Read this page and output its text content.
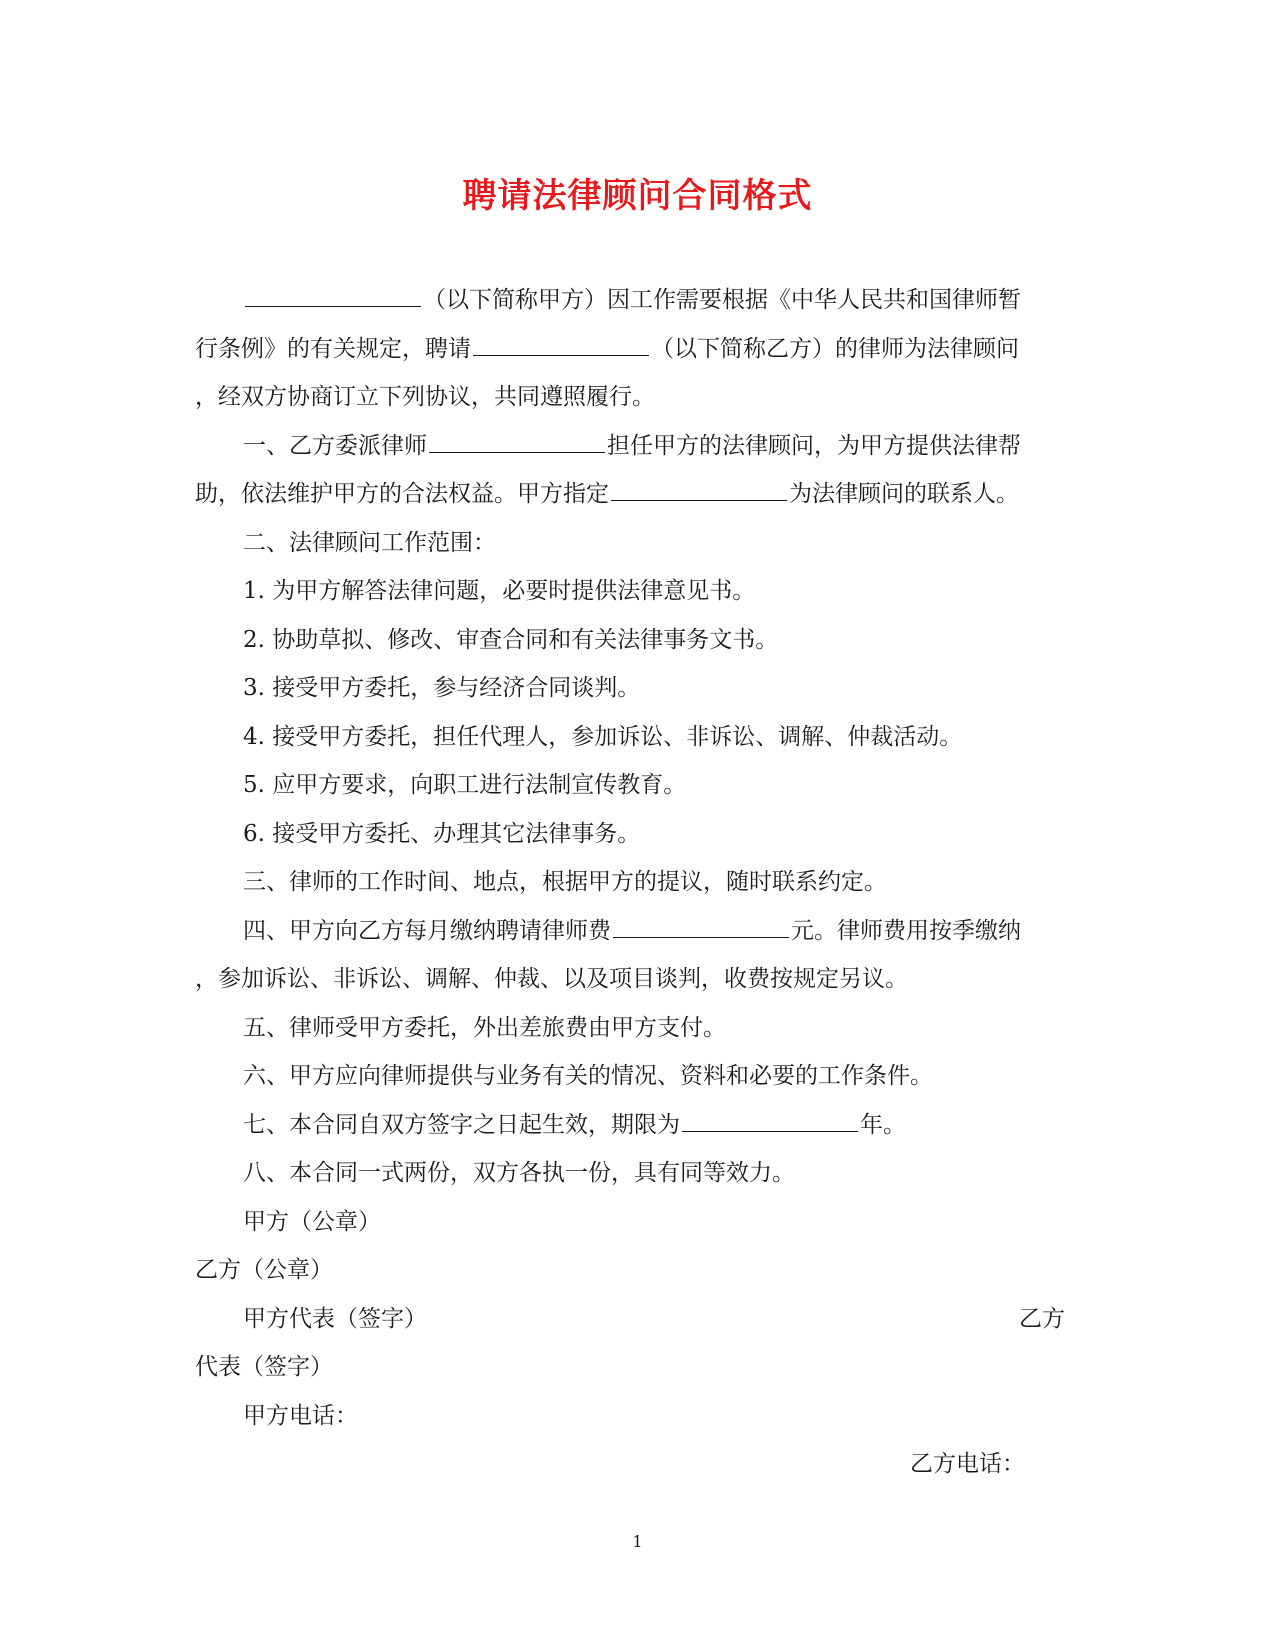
聘请法律顾问合同格式

（以下简称甲方）因工作需要根据《中华人民共和国律师暂

行条例》的有关规定，聘请	（以下简称乙方）的律师为法律顾问

，经双方协商订立下列协议，共同遵照履行。

一、乙方委派律师	担任甲方的法律顾问，为甲方提供法律帮

助，依法维护甲方的合法权益。甲方指定	为法律顾问的联系人。

二、法律顾问工作范围：

1. 为甲方解答法律问题，必要时提供法律意见书。

2. 协助草拟、修改、审查合同和有关法律事务文书。

3. 接受甲方委托，参与经济合同谈判。

4. 接受甲方委托，担任代理人，参加诉讼、非诉讼、调解、仲裁活动。

5. 应甲方要求，向职工进行法制宣传教育。

6. 接受甲方委托、办理其它法律事务。

三、律师的工作时间、地点，根据甲方的提议，随时联系约定。

四、甲方向乙方每月缴纳聘请律师费	元。律师费用按季缴纳

，参加诉讼、非诉讼、调解、仲裁、以及项目谈判，收费按规定另议。

五、律师受甲方委托，外出差旅费由甲方支付。

六、甲方应向律师提供与业务有关的情况、资料和必要的工作条件。

七、本合同自双方签字之日起生效，期限为	年。

八、本合同一式两份，双方各执一份，具有同等效力。

甲方（公章）

乙方（公章）

甲方代表（签字）	乙方

代表（签字）

甲方电话：

乙方电话：

1
